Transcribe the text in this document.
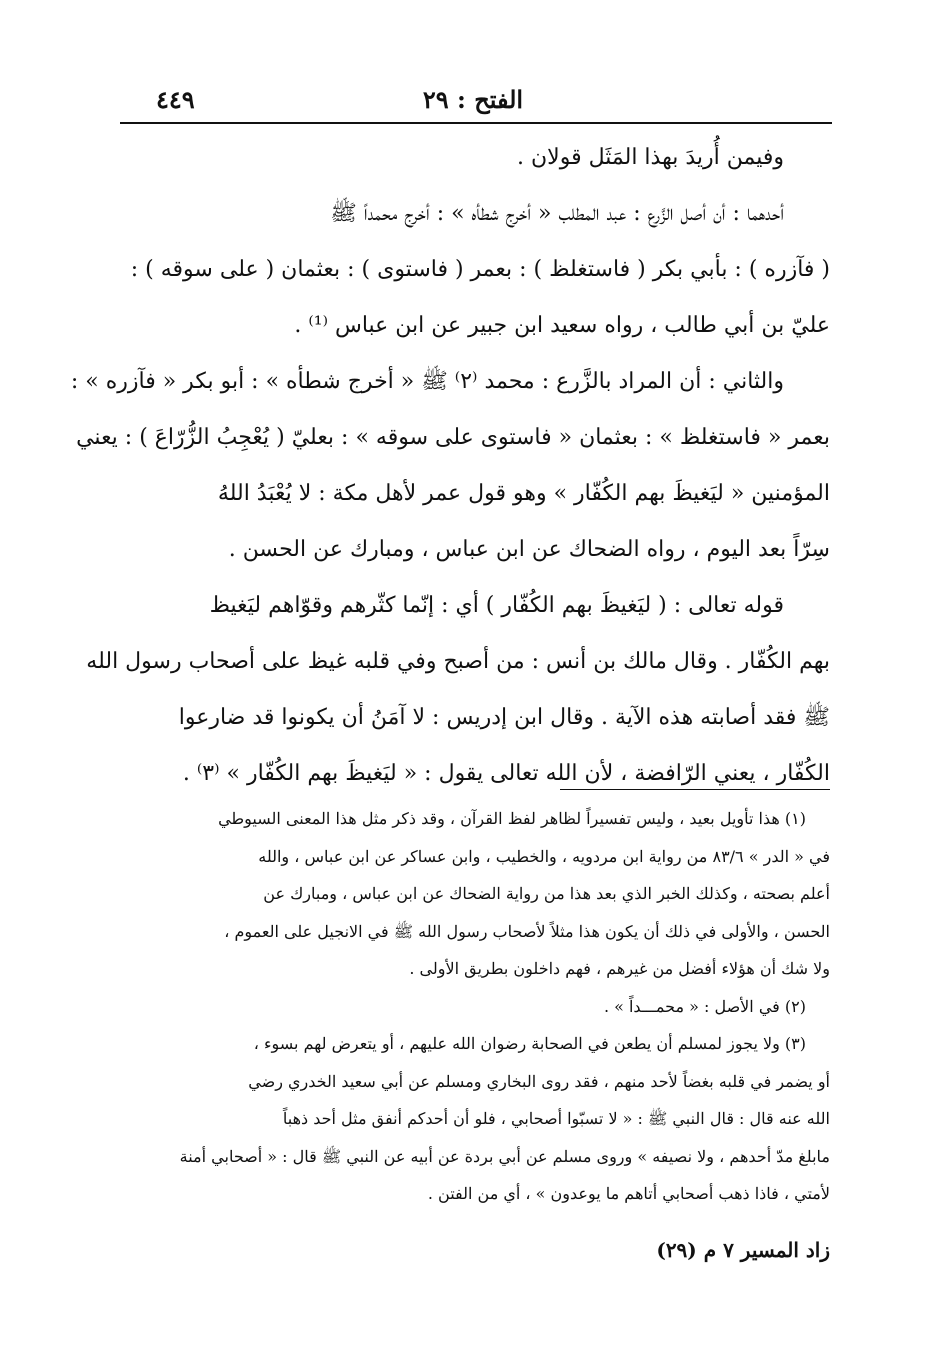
الفتح : ٢٩
٤٤٩
وفيمن أُريدَ بهذا المَثَل قولان .
أحدهما : أن أصل الزَّرع : عبد المطلب « أخرج شطأه » : أخرج محمداً ﷺ
( فآزره ) : بأبي بكر ( فاستغلظ ) : بعمر ( فاستوى ) : بعثمان ( على سوقه ) :
عليّ بن أبي طالب ، رواه سعيد ابن جبير عن ابن عباس ⁽¹⁾ .
والثاني : أن المراد بالزَّرع : محمد ⁽٢⁾ ﷺ « أخرج شطأه » : أبو بكر « فآزره » :
بعمر « فاستغلظ » : بعثمان « فاستوى على سوقه » : بعليّ ( يُعْجِبُ الزُّرّاعَ ) : يعني
المؤمنين « ليَغيظَ بهم الكُفّار » وهو قول عمر لأهل مكة : لا يُعْبَدُ اللهُ
سِرّاً بعد اليوم ، رواه الضحاك عن ابن عباس ، ومبارك عن الحسن .
قوله تعالى : ( ليَغيظَ بهم الكُفّار ) أي : إنّما كثّرهم وقوّاهم ليَغيظ
بهم الكُفّار . وقال مالك بن أنس : من أصبح وفي قلبه غيظ على أصحاب رسول الله
ﷺ فقد أصابته هذه الآية . وقال ابن إدريس : لا آمَنُ أن يكونوا قد ضارعوا
الكُفّار ، يعني الرّافضة ، لأن الله تعالى يقول : « ليَغيظَ بهم الكُفّار » ⁽٣⁾ .
(١) هذا تأويل بعيد ، وليس تفسيراً لظاهر لفظ القرآن ، وقد ذكر مثل هذا المعنى السيوطي
في « الدر » ٨٣/٦ من رواية ابن مردويه ، والخطيب ، وابن عساكر عن ابن عباس ، والله
أعلم بصحته ، وكذلك الخبر الذي بعد هذا من رواية الضحاك عن ابن عباس ، ومبارك عن
الحسن ، والأولى في ذلك أن يكون هذا مثلاً لأصحاب رسول الله ﷺ في الانجيل على العموم ،
ولا شك أن هؤلاء أفضل من غيرهم ، فهم داخلون بطريق الأولى .
(٢) في الأصل : « محمـــداً » .
(٣) ولا يجوز لمسلم أن يطعن في الصحابة رضوان الله عليهم ، أو يتعرض لهم بسوء ،
أو يضمر في قلبه بغضاً لأحد منهم ، فقد روى البخاري ومسلم عن أبي سعيد الخدري رضي
الله عنه قال : قال النبي ﷺ : « لا تسبّوا أصحابي ، فلو أن أحدكم أنفق مثل أحد ذهباً
مابلغ مدّ أحدهم ، ولا نصيفه » وروى مسلم عن أبي بردة عن أبيه عن النبي ﷺ قال : « أصحابي أمنة
لأمتي ، فاذا ذهب أصحابي أتاهم ما يوعدون » ، أي من الفتن .
زاد المسير ٧ م (٢٩)
